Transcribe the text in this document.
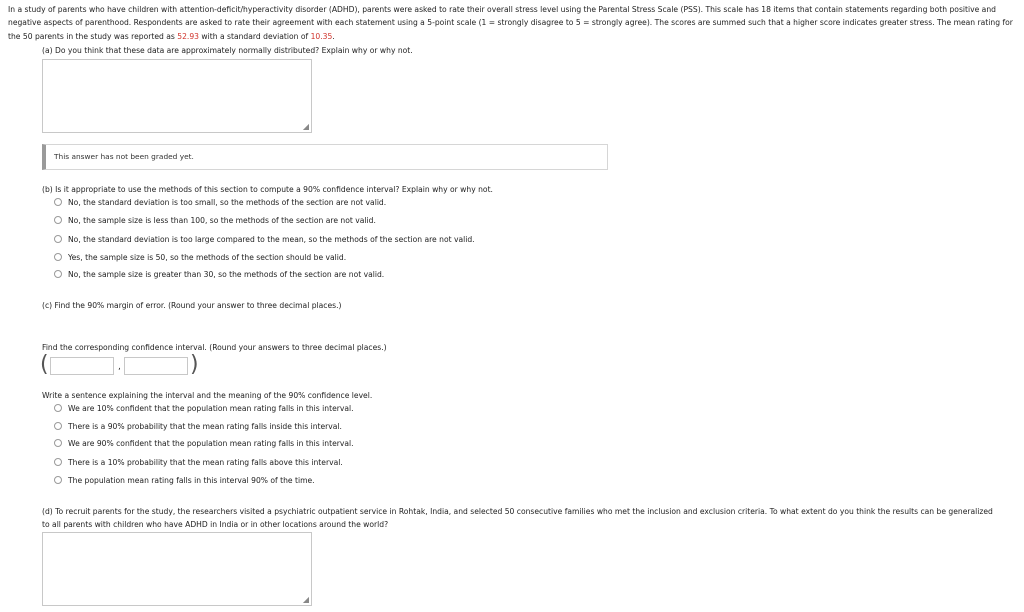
In a study of parents who have children with attention-deficit/hyperactivity disorder (ADHD), parents were asked to rate their overall stress level using the Parental Stress Scale (PSS). This scale has 18 items that contain statements regarding both positive and negative aspects of parenthood. Respondents are asked to rate their agreement with each statement using a 5-point scale (1 = strongly disagree to 5 = strongly agree). The scores are summed such that a higher score indicates greater stress. The mean rating for the 50 parents in the study was reported as 52.93 with a standard deviation of 10.35.
(a) Do you think that these data are approximately normally distributed? Explain why or why not.
◢
This answer has not been graded yet.
(b) Is it appropriate to use the methods of this section to compute a 90% confidence interval? Explain why or why not.
No, the standard deviation is too small, so the methods of the section are not valid.
No, the sample size is less than 100, so the methods of the section are not valid.
No, the standard deviation is too large compared to the mean, so the methods of the section are not valid.
Yes, the sample size is 50, so the methods of the section should be valid.
No, the sample size is greater than 30, so the methods of the section are not valid.
(c) Find the 90% margin of error. (Round your answer to three decimal places.)
Find the corresponding confidence interval. (Round your answers to three decimal places.)
(	,	)
Write a sentence explaining the interval and the meaning of the 90% confidence level.
We are 10% confident that the population mean rating falls in this interval.
There is a 90% probability that the mean rating falls inside this interval.
We are 90% confident that the population mean rating falls in this interval.
There is a 10% probability that the mean rating falls above this interval.
The population mean rating falls in this interval 90% of the time.
(d) To recruit parents for the study, the researchers visited a psychiatric outpatient service in Rohtak, India, and selected 50 consecutive families who met the inclusion and exclusion criteria. To what extent do you think the results can be generalized to all parents with children who have ADHD in India or in other locations around the world?
◢
